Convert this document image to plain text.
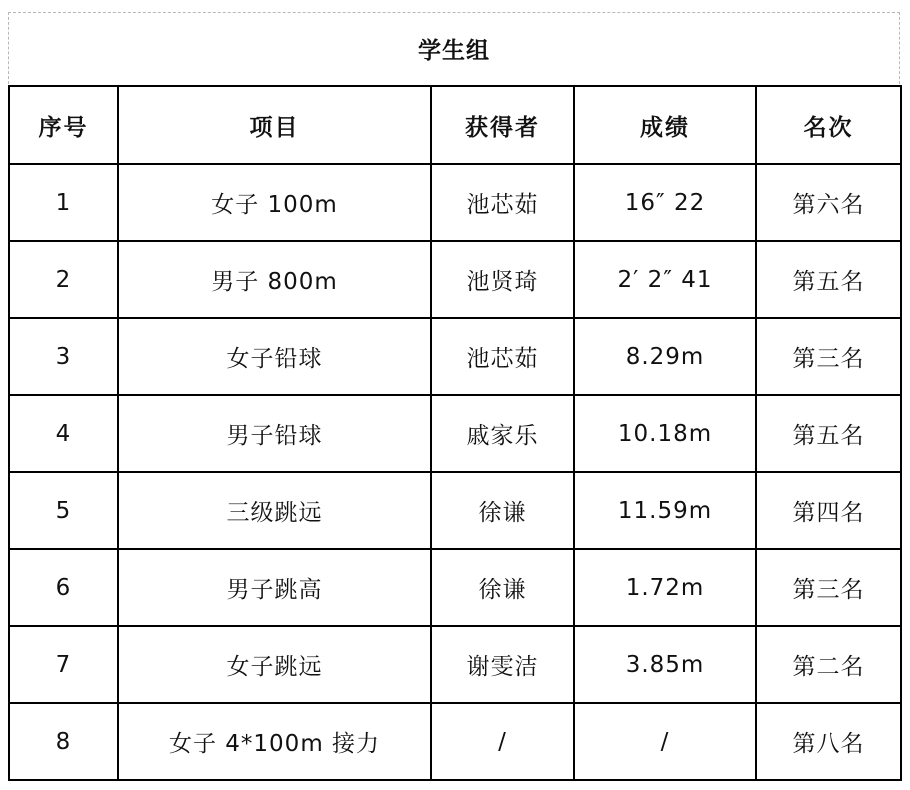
学生组
序号	项目	获得者	成绩	名次
1	女子 100m	池芯茹	16″ 22	第六名
2	男子 800m	池贤琦	2′ 2″ 41	第五名
3	女子铅球	池芯茹	8.29m	第三名
4	男子铅球	戚家乐	10.18m	第五名
5	三级跳远	徐谦	11.59m	第四名
6	男子跳高	徐谦	1.72m	第三名
7	女子跳远	谢雯洁	3.85m	第二名
8	女子 4*100m 接力	/	/	第八名
